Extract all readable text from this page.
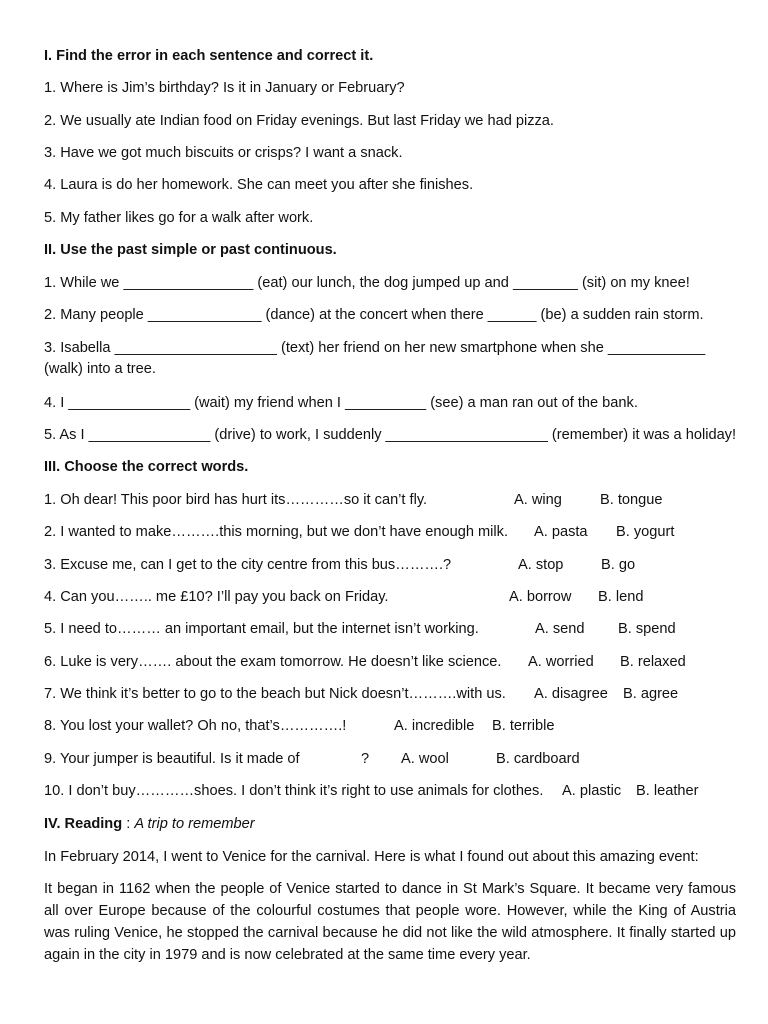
I. Find the error in each sentence and correct it.
1. Where is Jim’s birthday? Is it in January or February?
2. We usually ate Indian food on Friday evenings. But last Friday we had pizza.
3. Have we got much biscuits or crisps? I want a snack.
4. Laura is do her homework. She can meet you after she finishes.
5. My father likes go for a walk after work.
II. Use the past simple or past continuous.
1. While we ________________ (eat) our lunch, the dog jumped up and ________ (sit) on my knee!
2. Many people ______________ (dance) at the concert when there ______ (be) a sudden rain storm.
3. Isabella ____________________ (text) her friend on her new smartphone when she ____________
(walk) into a tree.
4. I _______________ (wait) my friend when I __________ (see) a man ran out of the bank.
5. As I _______________ (drive) to work, I suddenly ____________________ (remember) it was a holiday!
III. Choose the correct words.
1. Oh dear! This poor bird has hurt its…………so it can’t fly.	A. wing	B. tongue
2. I wanted to make……….this morning, but we don’t have enough milk. A. pasta B. yogurt
3. Excuse me, can I get to the city centre from this bus……….?	A. stop	B. go
4. Can you…….. me £10? I’ll pay you back on Friday.	A. borrow B. lend
5. I need to……… an important email, but the internet isn’t working.	A. send B. spend
6. Luke is very……. about the exam tomorrow. He doesn’t like science. A. worried B. relaxed
7. We think it’s better to go to the beach but Nick doesn’t……….with us. A. disagree B. agree
8. You lost your wallet? Oh no, that’s………….!	A. incredible B. terrible
9. Your jumper is beautiful. Is it made of	? A. wool	B. cardboard
10. I don’t buy…………shoes. I don’t think it’s right to use animals for clothes. A. plastic B. leather
IV. Reading : A trip to remember
In February 2014, I went to Venice for the carnival. Here is what I found out about this amazing event:
It began in 1162 when the people of Venice started to dance in St Mark’s Square. It became very famous all over Europe because of the colourful costumes that people wore. However, while the King of Austria was ruling Venice, he stopped the carnival because he did not like the wild atmosphere. It finally started up again in the city in 1979 and is now celebrated at the same time every year.
